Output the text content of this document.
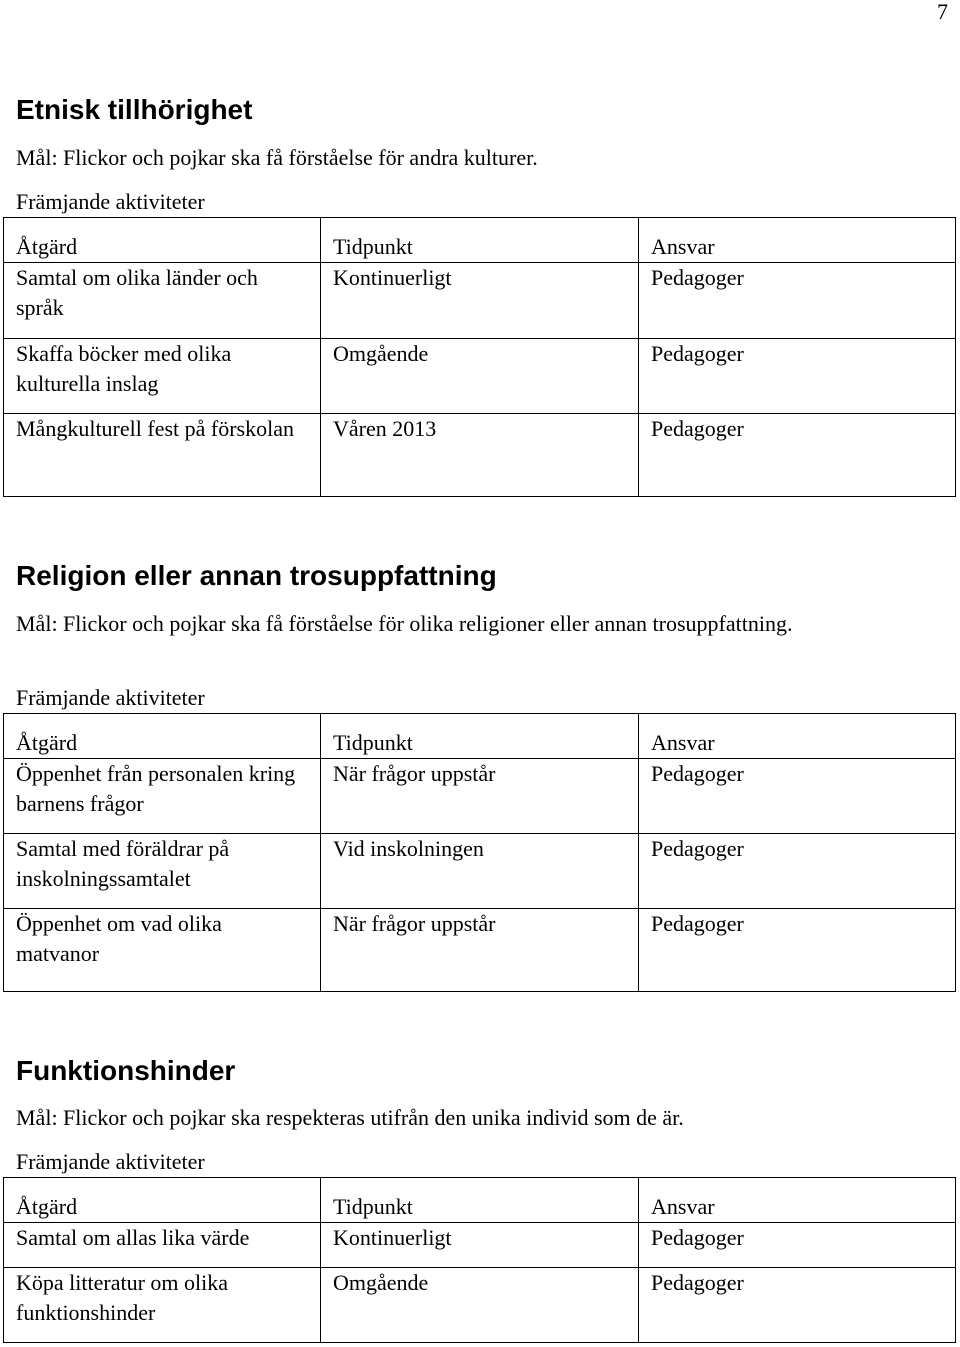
7
Etnisk tillhörighet
Mål: Flickor och pojkar ska få förståelse för andra kulturer.
Främjande aktiviteter
Åtgärd	Tidpunkt	Ansvar
Samtal om olika länder och språk	Kontinuerligt	Pedagoger
Skaffa böcker med olika kulturella inslag	Omgående	Pedagoger
Mångkulturell fest på förskolan	Våren 2013	Pedagoger
Religion eller annan trosuppfattning
Mål: Flickor och pojkar ska få förståelse för olika religioner eller annan trosuppfattning.
Främjande aktiviteter
Åtgärd	Tidpunkt	Ansvar
Öppenhet från personalen kring barnens frågor	När frågor uppstår	Pedagoger
Samtal med föräldrar på inskolningssamtalet	Vid inskolningen	Pedagoger
Öppenhet om vad olika matvanor	När frågor uppstår	Pedagoger
Funktionshinder
Mål: Flickor och pojkar ska respekteras utifrån den unika individ som de är.
Främjande aktiviteter
Åtgärd	Tidpunkt	Ansvar
Samtal om allas lika värde	Kontinuerligt	Pedagoger
Köpa litteratur om olika funktionshinder	Omgående	Pedagoger
